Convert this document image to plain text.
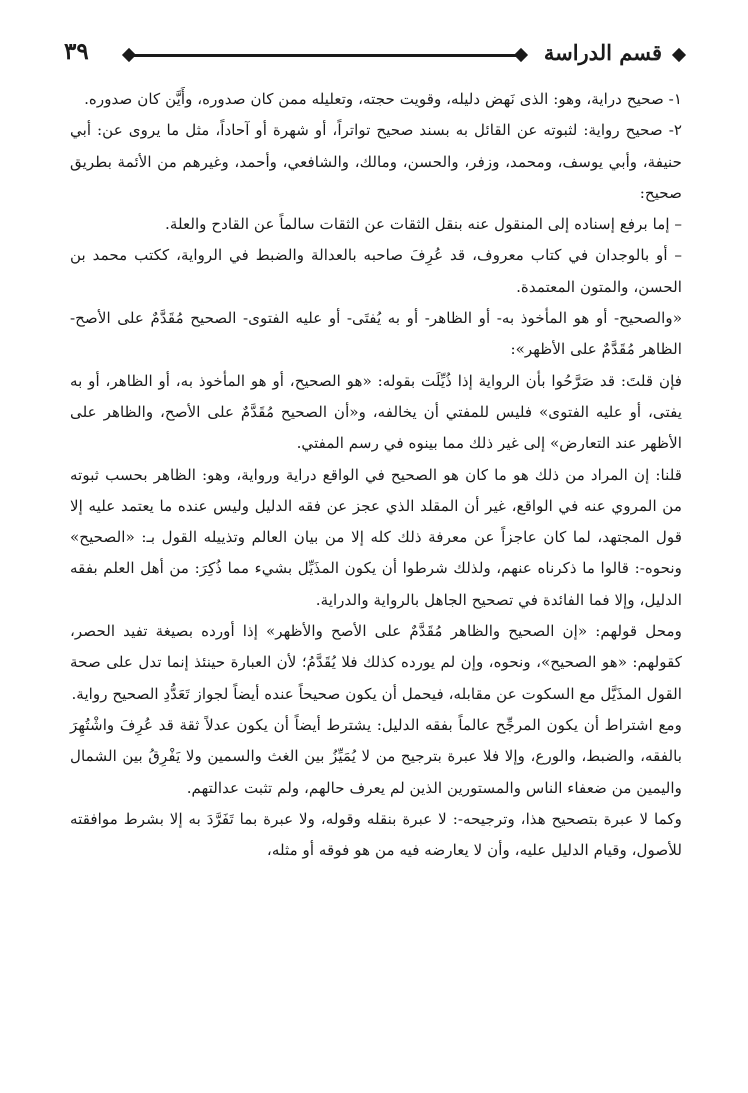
قسم الدراسة
٣٩

١- صحيح دراية، وهو: الذى نَهض دليله، وقويت حجته، وتعليله ممن كان صدوره، وأَيَّن كان صدوره.

٢- صحيح رواية: لثبوته عن القائل به بسند صحيح تواتراً، أو شهرة أو آحاداً، مثل ما يروى عن: أبي حنيفة، وأبي يوسف، ومحمد، وزفر، والحسن، ومالك، والشافعي، وأحمد، وغيرهم من الأئمة بطريق صحيح:

– إما برفع إسناده إلى المنقول عنه بنقل الثقات عن الثقات سالماً عن القادح والعلة.

– أو بالوجدان في كتاب معروف، قد عُرِفَ صاحبه بالعدالة والضبط في الرواية، ككتب محمد بن الحسن، والمتون المعتمدة.

«والصحيح- أو هو المأخوذ به- أو الظاهر- أو به يُفتَى- أو عليه الفتوى- الصحيح مُقَدَّمٌ على الأصح- الظاهر مُقَدَّمٌ على الأظهر»:

فإن قلتَ: قد صَرَّحُوا بأن الرواية إذا ذُيِّلَت بقوله: «هو الصحيح، أو هو المأخوذ به، أو الظاهر، أو به يفتى، أو عليه الفتوى» فليس للمفتي أن يخالفه، و«أن الصحيح مُقَدَّمٌ على الأصح، والظاهر على الأظهر عند التعارض» إلى غير ذلك مما بينوه في رسم المفتي.

قلنا: إن المراد من ذلك هو ما كان هو الصحيح في الواقع دراية ورواية، وهو: الظاهر بحسب ثبوته من المروي عنه في الواقع، غير أن المقلد الذي عجز عن فقه الدليل وليس عنده ما يعتمد عليه إلا قول المجتهد، لما كان عاجزاً عن معرفة ذلك كله إلا من بيان العالم وتذييله القول بـ: «الصحيح» ونحوه-: قالوا ما ذكرناه عنهم، ولذلك شرطوا أن يكون المذَيِّل بشيء مما ذُكِرَ: من أهل العلم بفقه الدليل، وإلا فما الفائدة في تصحيح الجاهل بالرواية والدراية.

ومحل قولهم: «إن الصحيح والظاهر مُقَدَّمٌ على الأصح والأظهر» إذا أورده بصيغة تفيد الحصر، كقولهم: «هو الصحيح»، ونحوه، وإن لم يورده كذلك فلا يُقَدَّمُ؛ لأن العبارة حينئذ إنما تدل على صحة القول المذَيَّل مع السكوت عن مقابله، فيحمل أن يكون صحيحاً عنده أيضاً لجواز تَعَدُّدِ الصحيح رواية.

ومع اشتراط أن يكون المرجِّح عالماً بفقه الدليل: يشترط أيضاً أن يكون عدلاً ثقة قد عُرِفَ واشْتُهِرَ بالفقه، والضبط، والورع، وإلا فلا عبرة بترجيح من لا يُمَيِّزُ بين الغث والسمين ولا يَفْرِقُ بين الشمال واليمين من ضعفاء الناس والمستورين الذين لم يعرف حالهم، ولم تثبت عدالتهم.

وكما لا عبرة بتصحيح هذا، وترجيحه-: لا عبرة بنقله وقوله، ولا عبرة بما تَفَرَّدَ به إلا بشرط موافقته للأصول، وقيام الدليل عليه، وأن لا يعارضه فيه من هو فوقه أو مثله،
